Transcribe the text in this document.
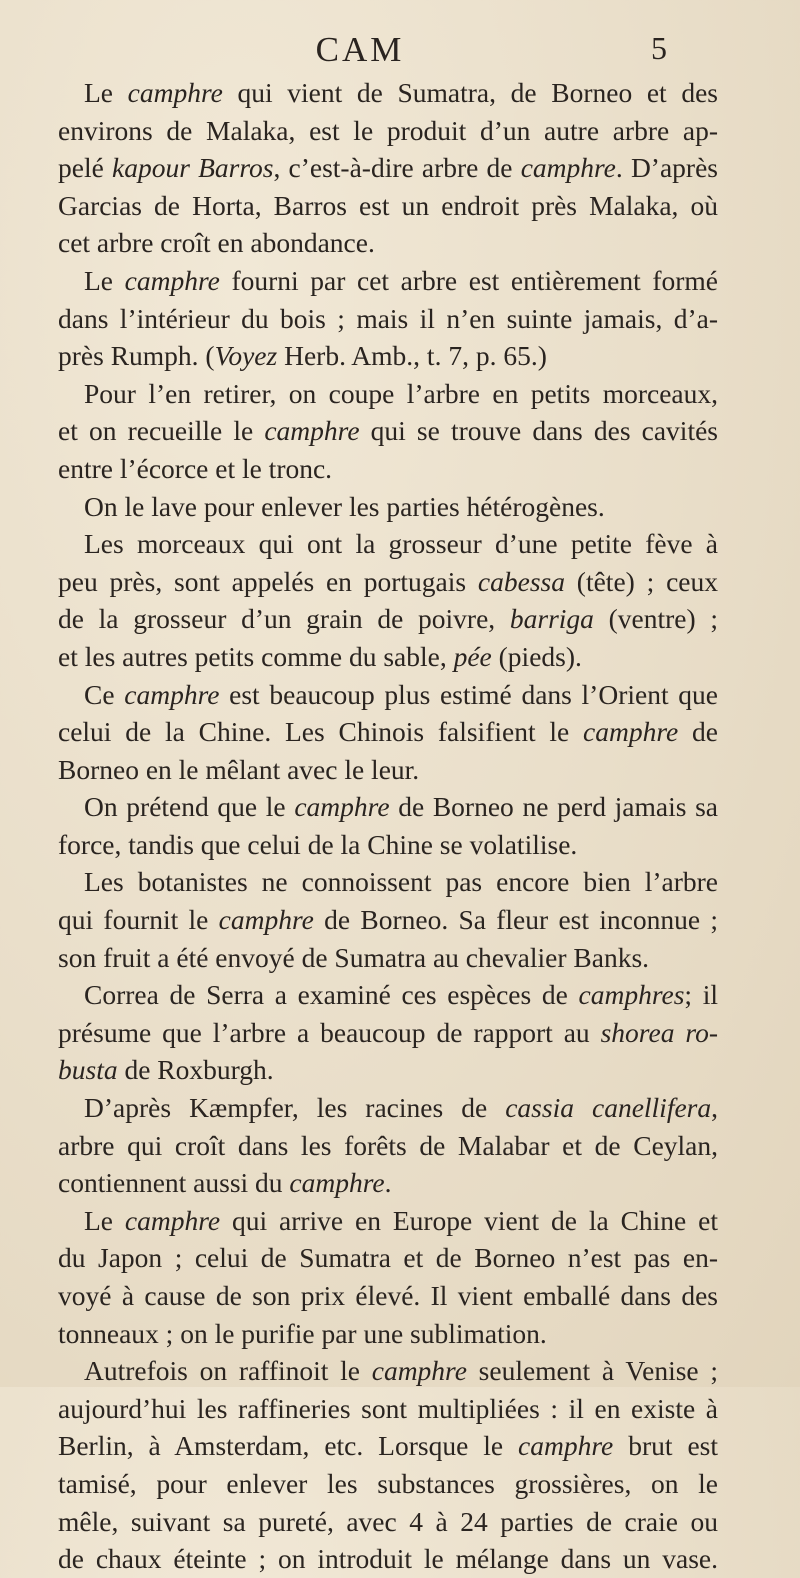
CAM	5
Le camphre qui vient de Sumatra, de Borneo et des
environs de Malaka, est le produit d’un autre arbre ap-
pelé kapour Barros, c’est-à-dire arbre de camphre. D’après
Garcias de Horta, Barros est un endroit près Malaka, où
cet arbre croît en abondance.
Le camphre fourni par cet arbre est entièrement formé
dans l’intérieur du bois ; mais il n’en suinte jamais, d’a-
près Rumph. (Voyez Herb. Amb., t. 7, p. 65.)
Pour l’en retirer, on coupe l’arbre en petits morceaux,
et on recueille le camphre qui se trouve dans des cavités
entre l’écorce et le tronc.
On le lave pour enlever les parties hétérogènes.
Les morceaux qui ont la grosseur d’une petite fève à
peu près, sont appelés en portugais cabessa (tête) ; ceux
de la grosseur d’un grain de poivre, barriga (ventre) ;
et les autres petits comme du sable, pée (pieds).
Ce camphre est beaucoup plus estimé dans l’Orient que
celui de la Chine. Les Chinois falsifient le camphre de
Borneo en le mêlant avec le leur.
On prétend que le camphre de Borneo ne perd jamais sa
force, tandis que celui de la Chine se volatilise.
Les botanistes ne connoissent pas encore bien l’arbre
qui fournit le camphre de Borneo. Sa fleur est inconnue ;
son fruit a été envoyé de Sumatra au chevalier Banks.
Correa de Serra a examiné ces espèces de camphres; il
présume que l’arbre a beaucoup de rapport au shorea ro-
busta de Roxburgh.
D’après Kæmpfer, les racines de cassia canellifera,
arbre qui croît dans les forêts de Malabar et de Ceylan,
contiennent aussi du camphre.
Le camphre qui arrive en Europe vient de la Chine et
du Japon ; celui de Sumatra et de Borneo n’est pas en-
voyé à cause de son prix élevé. Il vient emballé dans des
tonneaux ; on le purifie par une sublimation.
Autrefois on raffinoit le camphre seulement à Venise ;
aujourd’hui les raffineries sont multipliées : il en existe à
Berlin, à Amsterdam, etc. Lorsque le camphre brut est
tamisé, pour enlever les substances grossières, on le
mêle, suivant sa pureté, avec 4 à 24 parties de craie ou
de chaux éteinte ; on introduit le mélange dans un vase.
